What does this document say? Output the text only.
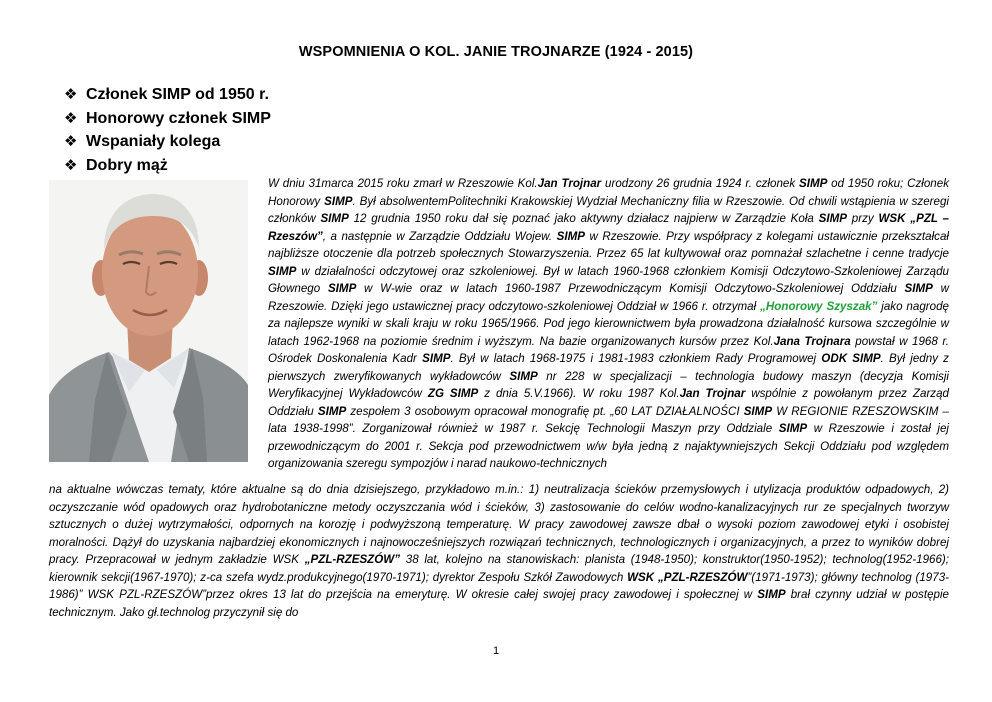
WSPOMNIENIA O KOL. JANIE TROJNARZE (1924 - 2015)
❖ Członek SIMP od 1950 r.
❖ Honorowy członek SIMP
❖ Wspaniały kolega
❖ Dobry mąż

W dniu 31marca 2015 roku zmarł w Rzeszowie Kol.Jan Trojnar urodzony 26 grudnia 1924 r. członek SIMP od 1950 roku; Członek Honorowy SIMP. Był absolwentemPolitechniki Krakowskiej Wydział Mechaniczny filia w Rzeszowie. Od chwili wstąpienia w szeregi członków SIMP 12 grudnia 1950 roku dał się poznać jako aktywny działacz najpierw w Zarządzie Koła SIMP przy WSK „PZL –Rzeszów”, a następnie w Zarządzie Oddziału Wojew. SIMP w Rzeszowie. Przy współpracy z kolegami ustawicznie przekształcał najbliższe otoczenie dla potrzeb społecznych Stowarzyszenia. Przez 65 lat kultywował oraz pomnażał szlachetne i cenne tradycje SIMP w działalności odczytowej oraz szkoleniowej. Był w latach 1960-1968 członkiem Komisji Odczytowo-Szkoleniowej Zarządu Głownego SIMP w W-wie oraz w latach 1960-1987 Przewodniczącym Komisji Odczytowo-Szkoleniowej Oddziału SIMP w Rzeszowie. Dzięki jego ustawicznej pracy odczytowo-szkoleniowej Oddział w 1966 r. otrzymał „Honorowy Szyszak” jako nagrodę za najlepsze wyniki w skali kraju w roku 1965/1966. Pod jego kierownictwem była prowadzona działalność kursowa szczególnie w latach 1962-1968 na poziomie średnim i wyższym. Na bazie organizowanych kursów przez Kol.Jana Trojnara powstał w 1968 r. Ośrodek Doskonalenia Kadr SIMP. Był w latach 1968-1975 i 1981-1983 członkiem Rady Programowej ODK SIMP. Był jedny z pierwszych zweryfikowanych wykładowców SIMP nr 228 w specjalizacji – technologia budowy maszyn (decyzja Komisji Weryfikacyjnej Wykładowców ZG SIMP z dnia 5.V.1966). W roku 1987 Kol.Jan Trojnar wspólnie z powołanym przez Zarząd Oddziału SIMP zespołem 3 osobowym opracował monografię pt. „60 LAT DZIAŁALNOŚCI SIMP W REGIONIE RZESZOWSKIM – lata 1938-1998”. Zorganizował również w 1987 r. Sekcję Technologii Maszyn przy Oddziale SIMP w Rzeszowie i został jej przewodniczącym do 2001 r. Sekcja pod przewodnictwem w/w była jedną z najaktywniejszych Sekcji Oddziału pod względem organizowania szeregu sympozjów i narad naukowo-technicznych

na aktualne wówczas tematy, które aktualne są do dnia dzisiejszego, przykładowo m.in.: 1) neutralizacja ścieków przemysłowych i utylizacja produktów odpadowych, 2) oczyszczanie wód opadowych oraz hydrobotaniczne metody oczyszczania wód i ścieków, 3) zastosowanie do celów wodno-kanalizacyjnych rur ze specjalnych tworzyw sztucznych o dużej wytrzymałości, odpornych na korozję i podwyższoną temperaturę. W pracy zawodowej zawsze dbał o wysoki poziom zawodowej etyki i osobistej moralności. Dążył do uzyskania najbardziej ekonomicznych i najnowocześniejszych rozwiązań technicznych, technologicznych i organizacyjnych, a przez to wyników dobrej pracy. Przepracował w jednym zakładzie WSK „PZL-RZESZÓW” 38 lat, kolejno na stanowiskach: planista (1948-1950); konstruktor(1950-1952); technolog(1952-1966); kierownik sekcji(1967-1970); z-ca szefa wydz.produkcyjnego(1970-1971); dyrektor Zespołu Szkół Zawodowych WSK „PZL-RZESZÓW”(1971-1973); główny technolog (1973-1986)” WSK PZL-RZESZÓW”przez okres 13 lat do przejścia na emeryturę. W okresie całej swojej pracy zawodowej i społecznej w SIMP brał czynny udział w postępie technicznym. Jako gł.technolog przyczynił się do

1
